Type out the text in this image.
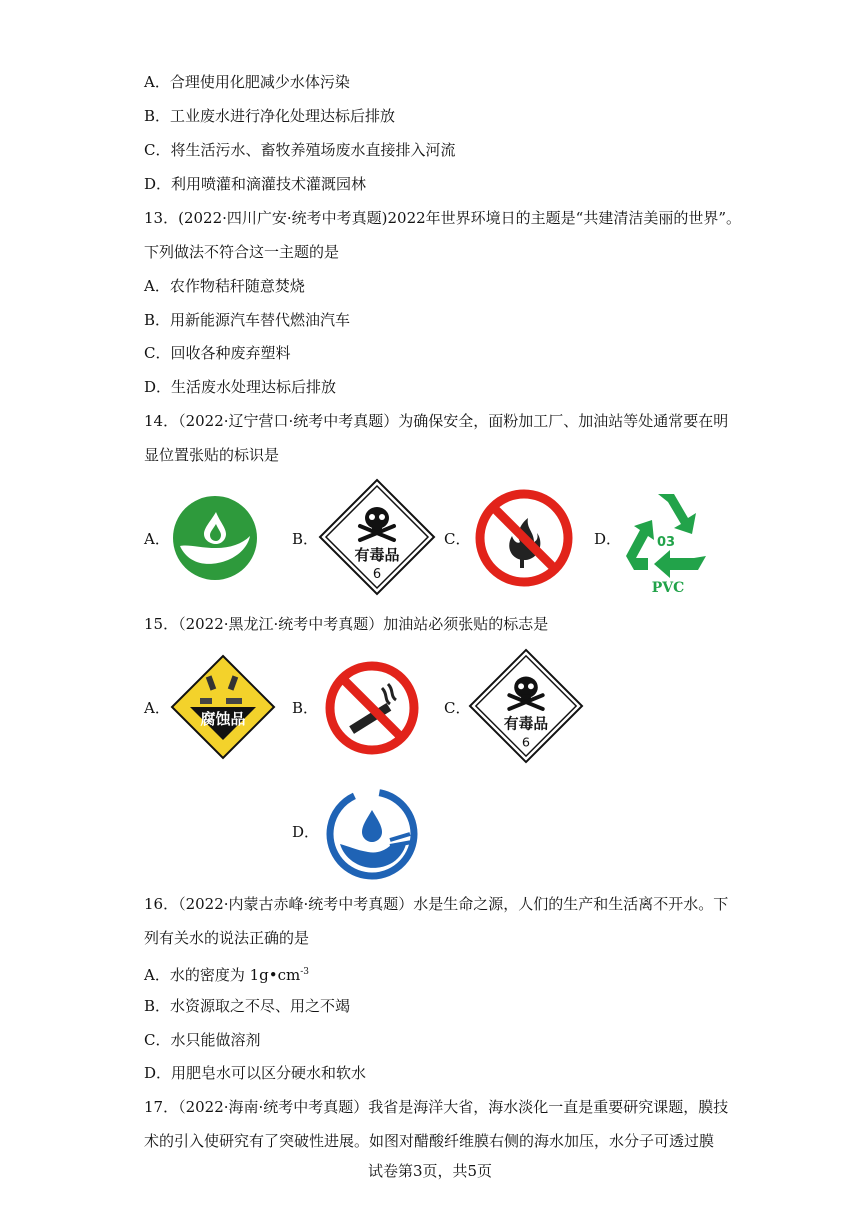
A．合理使用化肥减少水体污染
B．工业废水进行净化处理达标后排放
C．将生活污水、畜牧养殖场废水直接排入河流
D．利用喷灌和滴灌技术灌溉园林
13．(2022·四川广安·统考中考真题)2022年世界环境日的主题是“共建清洁美丽的世界”。
下列做法不符合这一主题的是
A．农作物秸秆随意焚烧
B．用新能源汽车替代燃油汽车
C．回收各种废弃塑料
D．生活废水处理达标后排放
14．（2022·辽宁营口·统考中考真题）为确保安全，面粉加工厂、加油站等处通常要在明
显位置张贴的标识是
A．	B．
有毒品
6
C．	D．	03
PVC
15．（2022·黑龙江·统考中考真题）加油站必须张贴的标志是
A．
腐蚀品
B．	C．
有毒品
6
D．
16．（2022·内蒙古赤峰·统考中考真题）水是生命之源，人们的生产和生活离不开水。下
列有关水的说法正确的是
A．水的密度为 $1g•cm^{-3}$
B．水资源取之不尽、用之不竭
C．水只能做溶剂
D．用肥皂水可以区分硬水和软水
17．（2022·海南·统考中考真题）我省是海洋大省，海水淡化一直是重要研究课题，膜技
术的引入使研究有了突破性进展。如图对醋酸纤维膜右侧的海水加压，水分子可透过膜
试卷第3页，共5页
